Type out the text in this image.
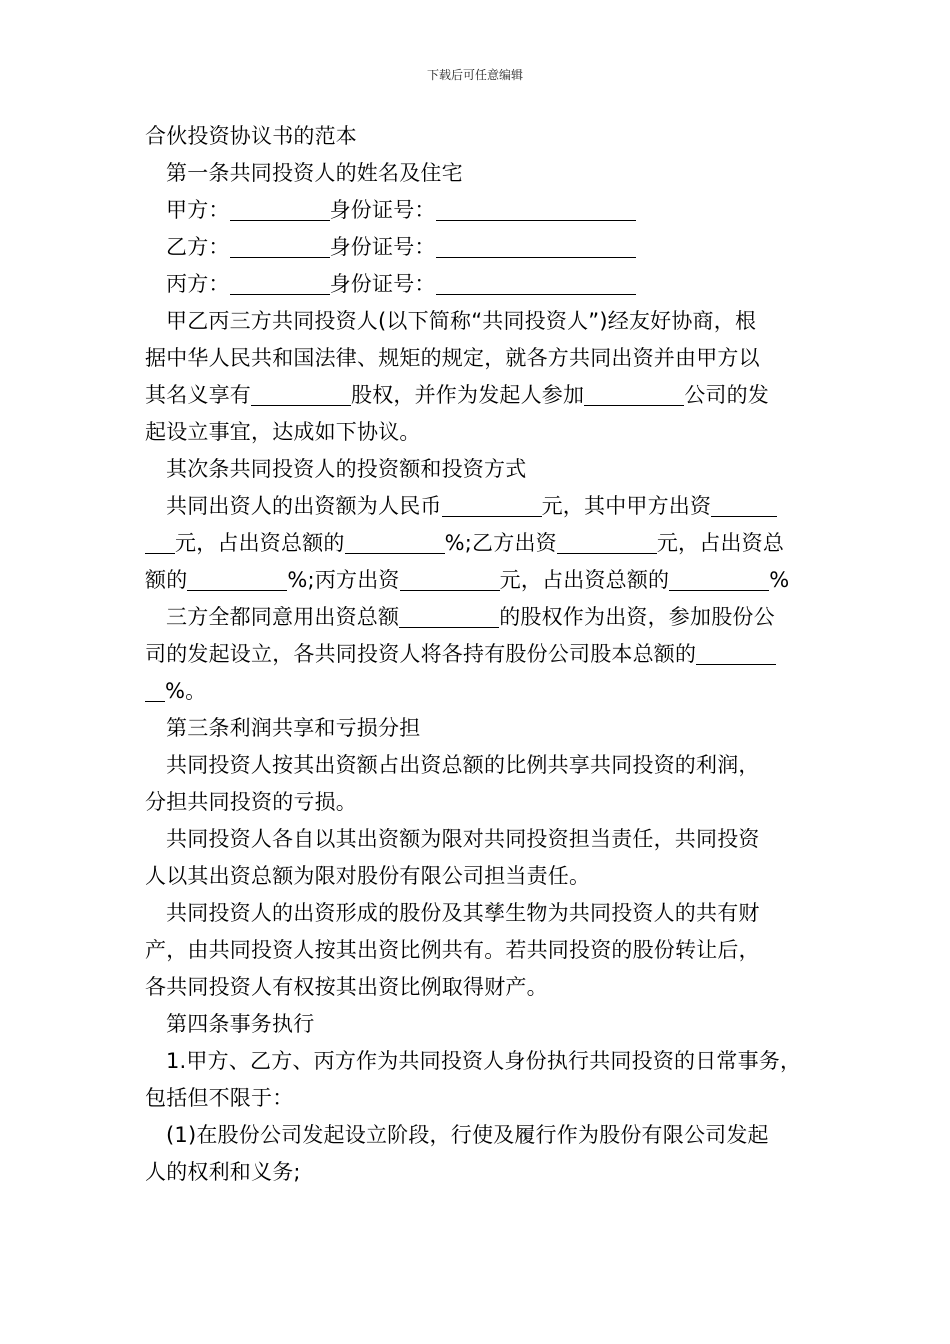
下载后可任意编辑
合伙投资协议书的范本
第一条共同投资人的姓名及住宅
甲方：	身份证号：
乙方：	身份证号：
丙方：	身份证号：
甲乙丙三方共同投资人(以下简称“共同投资人”)经友好协商，根
据中华人民共和国法律、规矩的规定，就各方共同出资并由甲方以
其名义享有	股权，并作为发起人参加	公司的发
起设立事宜，达成如下协议。
其次条共同投资人的投资额和投资方式
共同出资人的出资额为人民币	元，其中甲方出资
元，占出资总额的	%;乙方出资	元，占出资总
额的	%;丙方出资	元，占出资总额的	%
三方全都同意用出资总额	的股权作为出资，参加股份公
司的发起设立，各共同投资人将各持有股份公司股本总额的
%。
第三条利润共享和亏损分担
共同投资人按其出资额占出资总额的比例共享共同投资的利润，
分担共同投资的亏损。
共同投资人各自以其出资额为限对共同投资担当责任，共同投资
人以其出资总额为限对股份有限公司担当责任。
共同投资人的出资形成的股份及其孳生物为共同投资人的共有财
产，由共同投资人按其出资比例共有。若共同投资的股份转让后，
各共同投资人有权按其出资比例取得财产。
第四条事务执行
1.甲方、乙方、丙方作为共同投资人身份执行共同投资的日常事务，
包括但不限于：
(1)在股份公司发起设立阶段，行使及履行作为股份有限公司发起
人的权利和义务;
